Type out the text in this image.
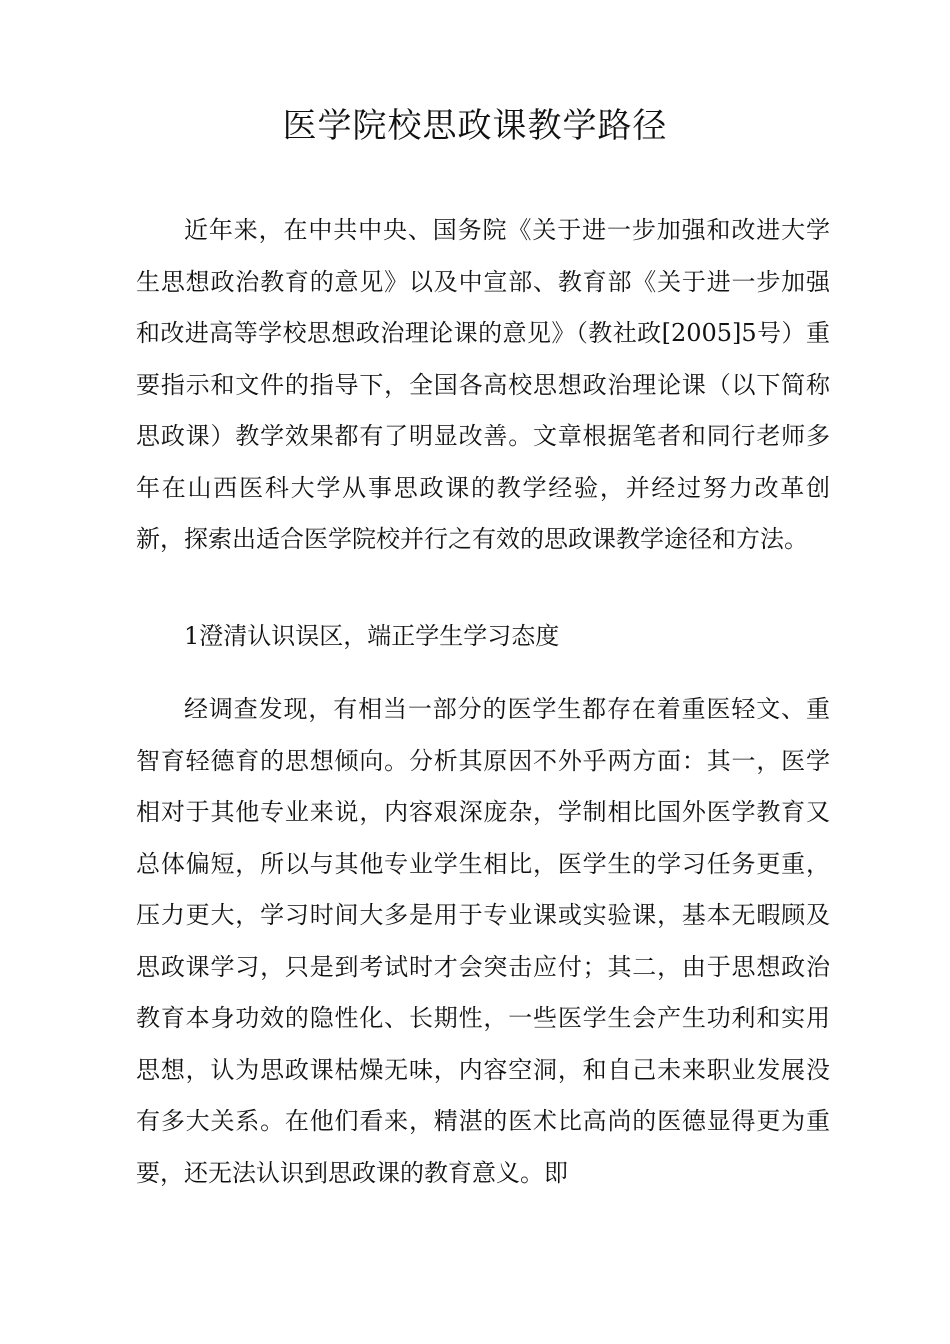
医学院校思政课教学路径

近年来，在中共中央、国务院《关于进一步加强和改进大学生思想政治教育的意见》以及中宣部、教育部《关于进一步加强和改进高等学校思想政治理论课的意见》（教社政[2005]5号）重要指示和文件的指导下，全国各高校思想政治理论课（以下简称思政课）教学效果都有了明显改善。文章根据笔者和同行老师多年在山西医科大学从事思政课的教学经验，并经过努力改革创新，探索出适合医学院校并行之有效的思政课教学途径和方法。

1澄清认识误区，端正学生学习态度

经调查发现，有相当一部分的医学生都存在着重医轻文、重智育轻德育的思想倾向。分析其原因不外乎两方面：其一，医学相对于其他专业来说，内容艰深庞杂，学制相比国外医学教育又总体偏短，所以与其他专业学生相比，医学生的学习任务更重，压力更大，学习时间大多是用于专业课或实验课，基本无暇顾及思政课学习，只是到考试时才会突击应付；其二，由于思想政治教育本身功效的隐性化、长期性，一些医学生会产生功利和实用思想，认为思政课枯燥无味，内容空洞，和自己未来职业发展没有多大关系。在他们看来，精湛的医术比高尚的医德显得更为重要，还无法认识到思政课的教育意义。即
